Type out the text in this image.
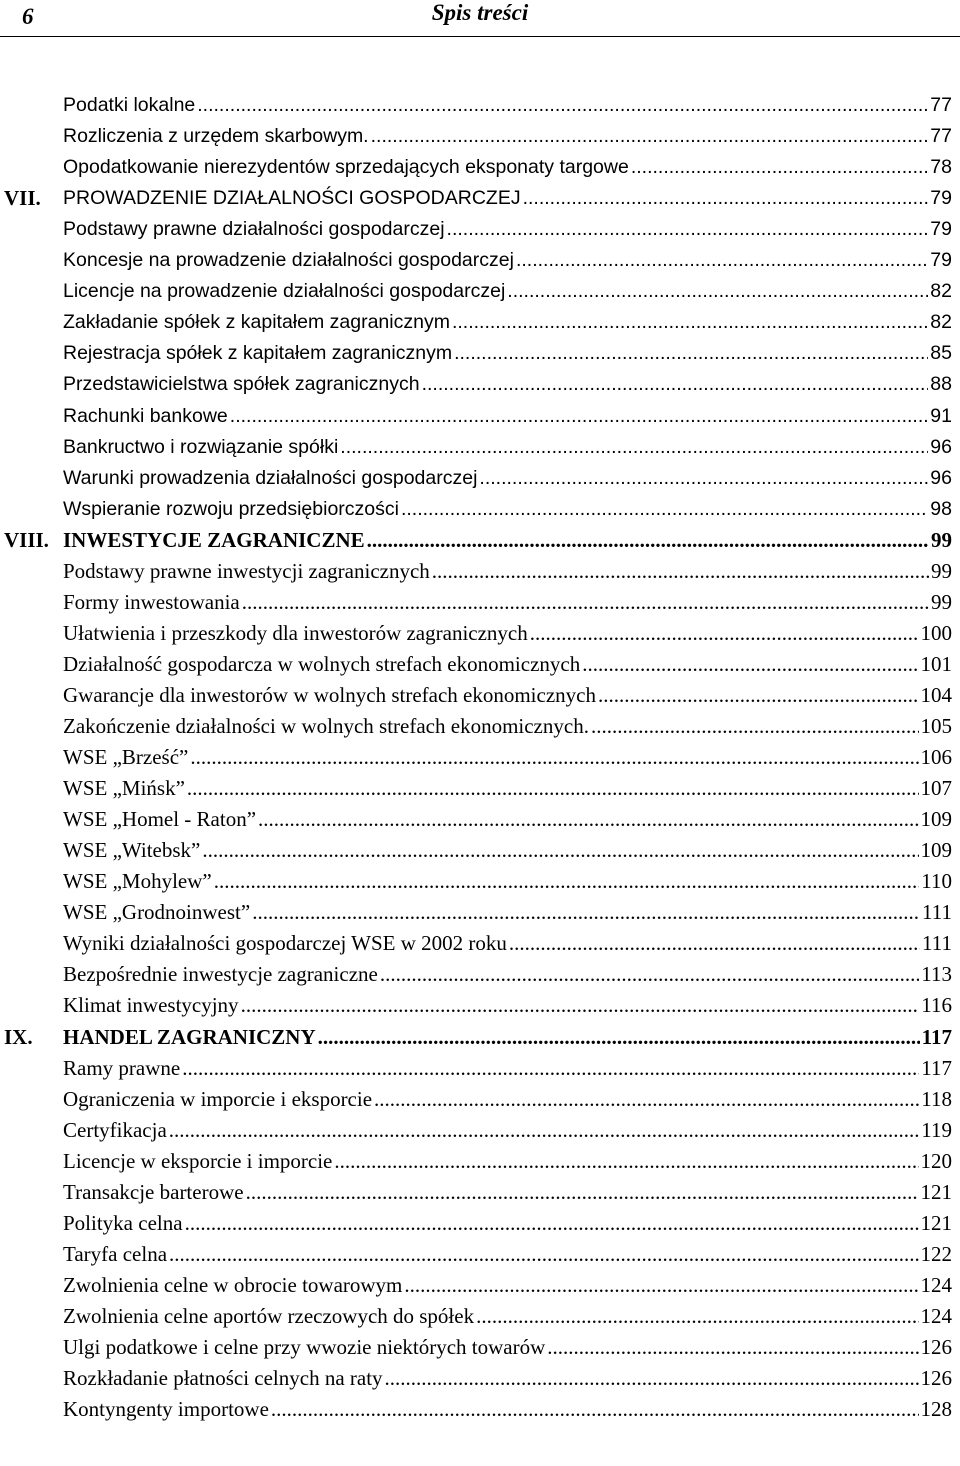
6	Spis treści
Podatki lokalne .....	77
Rozliczenia z urzędem skarbowym. .....	77
Opodatkowanie nierezydentów sprzedających eksponaty targowe .....	78
VII. PROWADZENIE DZIAŁALNOŚCI GOSPODARCZEJ .....	79
Podstawy prawne działalności gospodarczej .....	79
Koncesje na prowadzenie działalności gospodarczej .....	79
Licencje na prowadzenie działalności gospodarczej .....	82
Zakładanie spółek z kapitałem zagranicznym .....	82
Rejestracja spółek z kapitałem zagranicznym .....	85
Przedstawicielstwa spółek zagranicznych .....	88
Rachunki bankowe .....	91
Bankructwo i rozwiązanie spółki .....	96
Warunki prowadzenia działalności gospodarczej .....	96
Wspieranie rozwoju przedsiębiorczości .....	98
VIII. INWESTYCJE ZAGRANICZNE .....	99
Podstawy prawne inwestycji zagranicznych .....	99
Formy inwestowania .....	99
Ułatwienia i przeszkody dla inwestorów zagranicznych .....	100
Działalność gospodarcza w wolnych strefach ekonomicznych .....	101
Gwarancje dla inwestorów w wolnych strefach ekonomicznych .....	104
Zakończenie działalności w wolnych strefach ekonomicznych. .....	105
WSE „Brześć” .....	106
WSE „Mińsk” .....	107
WSE „Homel - Raton” .....	109
WSE „Witebsk” .....	109
WSE „Mohylew” .....	110
WSE „Grodnoinwest” .....	111
Wyniki działalności gospodarczej WSE w 2002 roku .....	111
Bezpośrednie inwestycje zagraniczne .....	113
Klimat inwestycyjny .....	116
IX. HANDEL ZAGRANICZNY .....	117
Ramy prawne .....	117
Ograniczenia w imporcie i eksporcie .....	118
Certyfikacja .....	119
Licencje w eksporcie i imporcie .....	120
Transakcje barterowe .....	121
Polityka celna .....	121
Taryfa celna .....	122
Zwolnienia celne w obrocie towarowym .....	124
Zwolnienia celne aportów rzeczowych do spółek .....	124
Ulgi podatkowe i celne przy wwozie niektórych towarów .....	126
Rozkładanie płatności celnych na raty .....	126
Kontyngenty importowe .....	128
